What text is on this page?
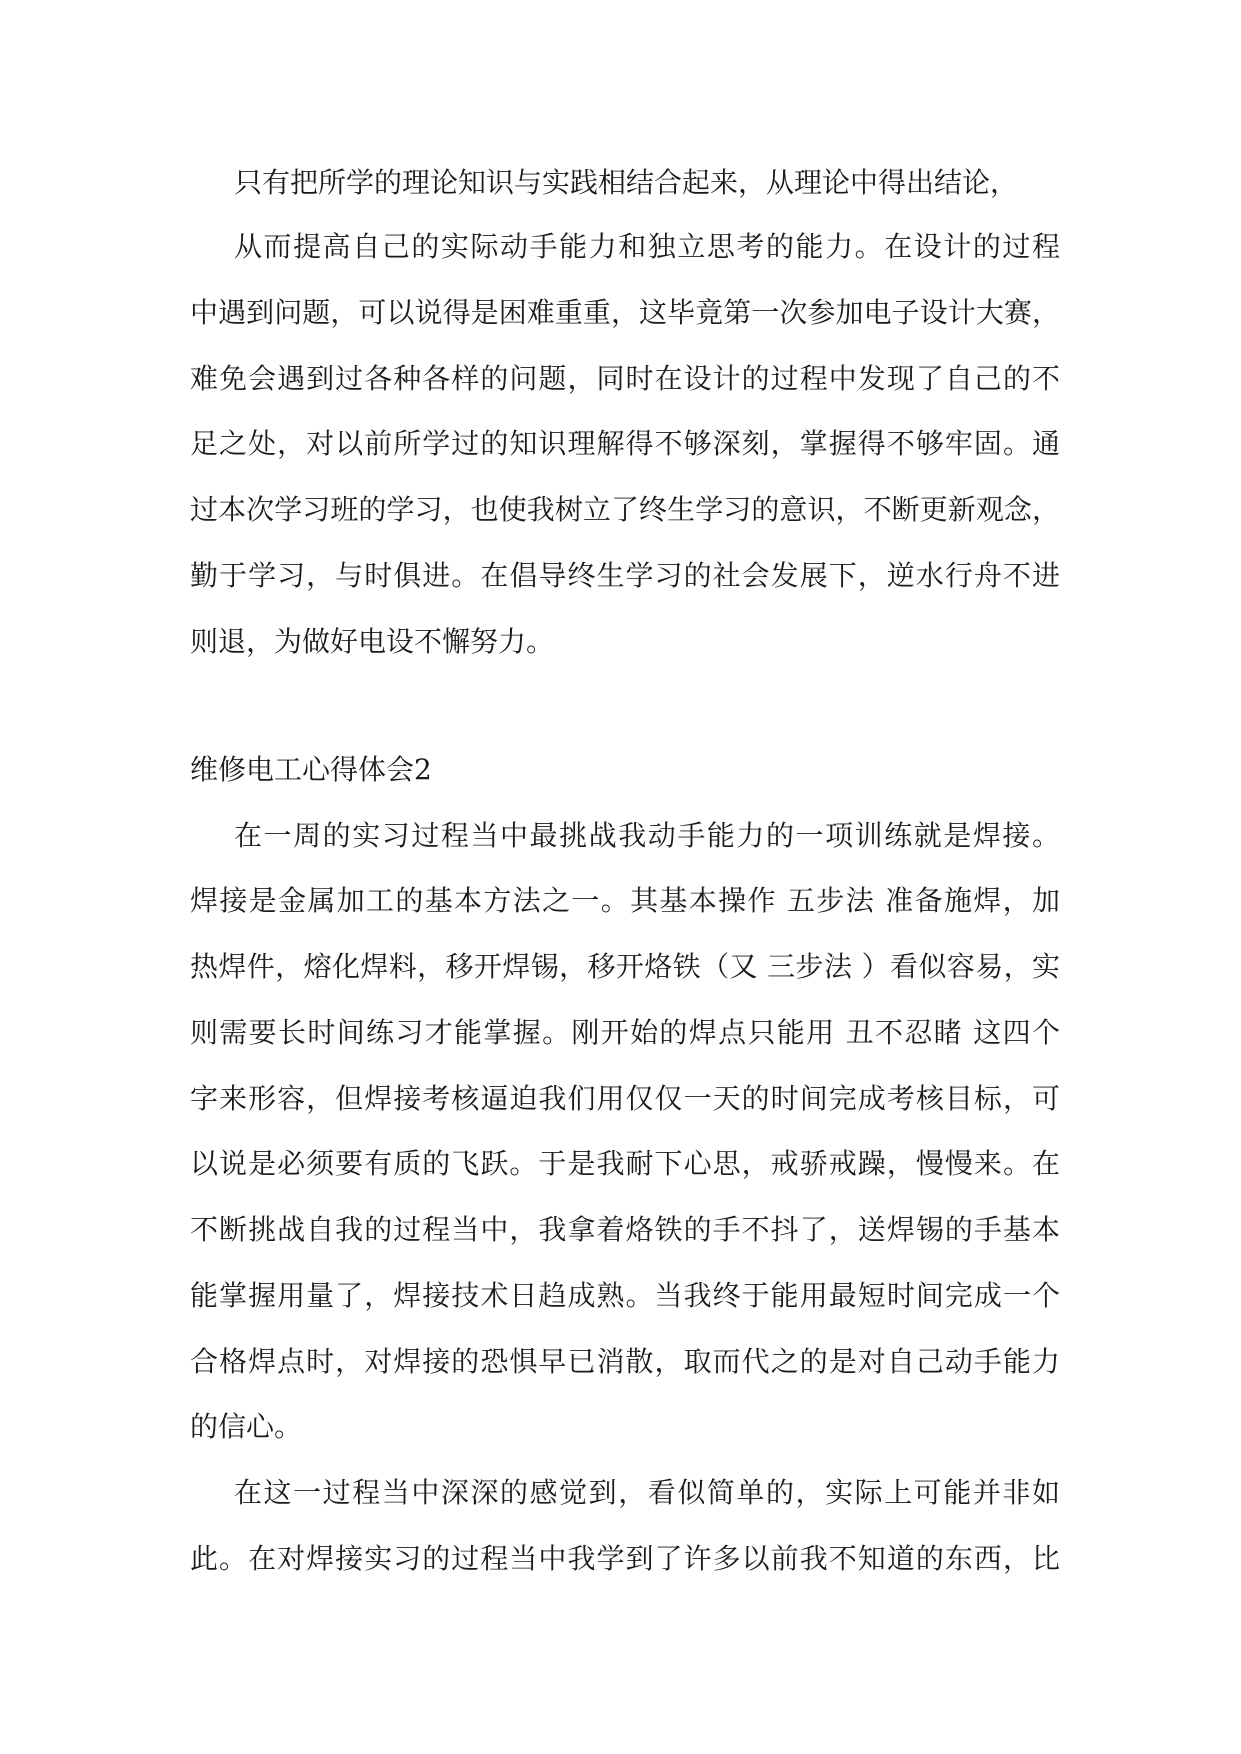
只有把所学的理论知识与实践相结合起来，从理论中得出结论，
从而提高自己的实际动手能力和独立思考的能力。在设计的过程
中遇到问题，可以说得是困难重重，这毕竟第一次参加电子设计大赛，
难免会遇到过各种各样的问题，同时在设计的过程中发现了自己的不
足之处，对以前所学过的知识理解得不够深刻，掌握得不够牢固。通
过本次学习班的学习，也使我树立了终生学习的意识，不断更新观念，
勤于学习，与时俱进。在倡导终生学习的社会发展下，逆水行舟不进
则退，为做好电设不懈努力。
维修电工心得体会2
在一周的实习过程当中最挑战我动手能力的一项训练就是焊接。
焊接是金属加工的基本方法之一。其基本操作 五步法 准备施焊，加
热焊件，熔化焊料，移开焊锡，移开烙铁（又 三步法 ）看似容易，实
则需要长时间练习才能掌握。刚开始的焊点只能用 丑不忍睹 这四个
字来形容，但焊接考核逼迫我们用仅仅一天的时间完成考核目标，可
以说是必须要有质的飞跃。于是我耐下心思，戒骄戒躁，慢慢来。在
不断挑战自我的过程当中，我拿着烙铁的手不抖了，送焊锡的手基本
能掌握用量了，焊接技术日趋成熟。当我终于能用最短时间完成一个
合格焊点时，对焊接的恐惧早已消散，取而代之的是对自己动手能力
的信心。
在这一过程当中深深的感觉到，看似简单的，实际上可能并非如
此。在对焊接实习的过程当中我学到了许多以前我不知道的东西，比
